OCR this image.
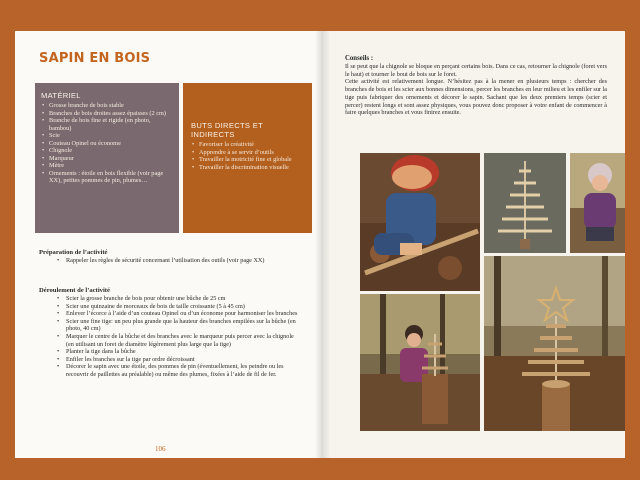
SAPIN EN BOIS
MATÉRIEL
• Grosse branche de bois stable
• Branches de bois droites assez épaisses (2 cm)
• Branche de bois fine et rigide (en photo, bambou)
• Scie
• Couteau Opinel ou économe
• Chignole
• Marqueur
• Mètre
• Ornements : étoile en bois flexible (voir page XX), petites pommes de pin, plumes…
BUTS DIRECTS ET INDIRECTS
• Favoriser la créativité
• Apprendre à se servir d’outils
• Travailler la motricité fine et globale
• Travailler la discrimination visuelle
Préparation de l’activité
• Rappeler les règles de sécurité concernant l’utilisation des outils (voir page XX)
Déroulement de l’activité
• Scier la grosse branche de bois pour obtenir une bûche de 25 cm
• Scier une quinzaine de morceaux de bois de taille croissante (5 à 45 cm)
• Enlever l’écorce à l’aide d’un couteau Opinel ou d’un économe pour harmoniser les branches
• Scier une fine tige: un peu plus grande que la hauteur des branches empilées sur la bûche (en photo, 40 cm)
• Marquer le centre de la bûche et des branches avec le marqueur puis percer avec la chignole (en utilisant un foret de diamètre légèrement plus large que la tige)
• Planter la tige dans la bûche
• Enfiler les branches sur la tige par ordre décroissant
• Décorer le sapin avec une étoile, des pommes de pin (éventuellement, les peindre ou les recouvrir de paillettes au préalable) ou même des plumes, fixées à l’aide de fil de fer.
106
Conseils :

Il se peut que la chignole se bloque en perçant certains bois. Dans ce cas, retourner la chignole (foret vers le haut) et tourner le bout de bois sur le foret.

Cette activité est relativement longue. N’hésitez pas à la mener en plusieurs temps : chercher des branches de bois et les scier aux bonnes dimensions, percer les branches en leur milieu et les enfiler sur la tige puis fabriquer des ornements et décorer le sapin. Sachant que les deux premiers temps (scier et percer) restent longs et sont assez physiques, vous pouvez donc proposer à votre enfant de commencer à faire quelques branches et vous finirez ensuite.
